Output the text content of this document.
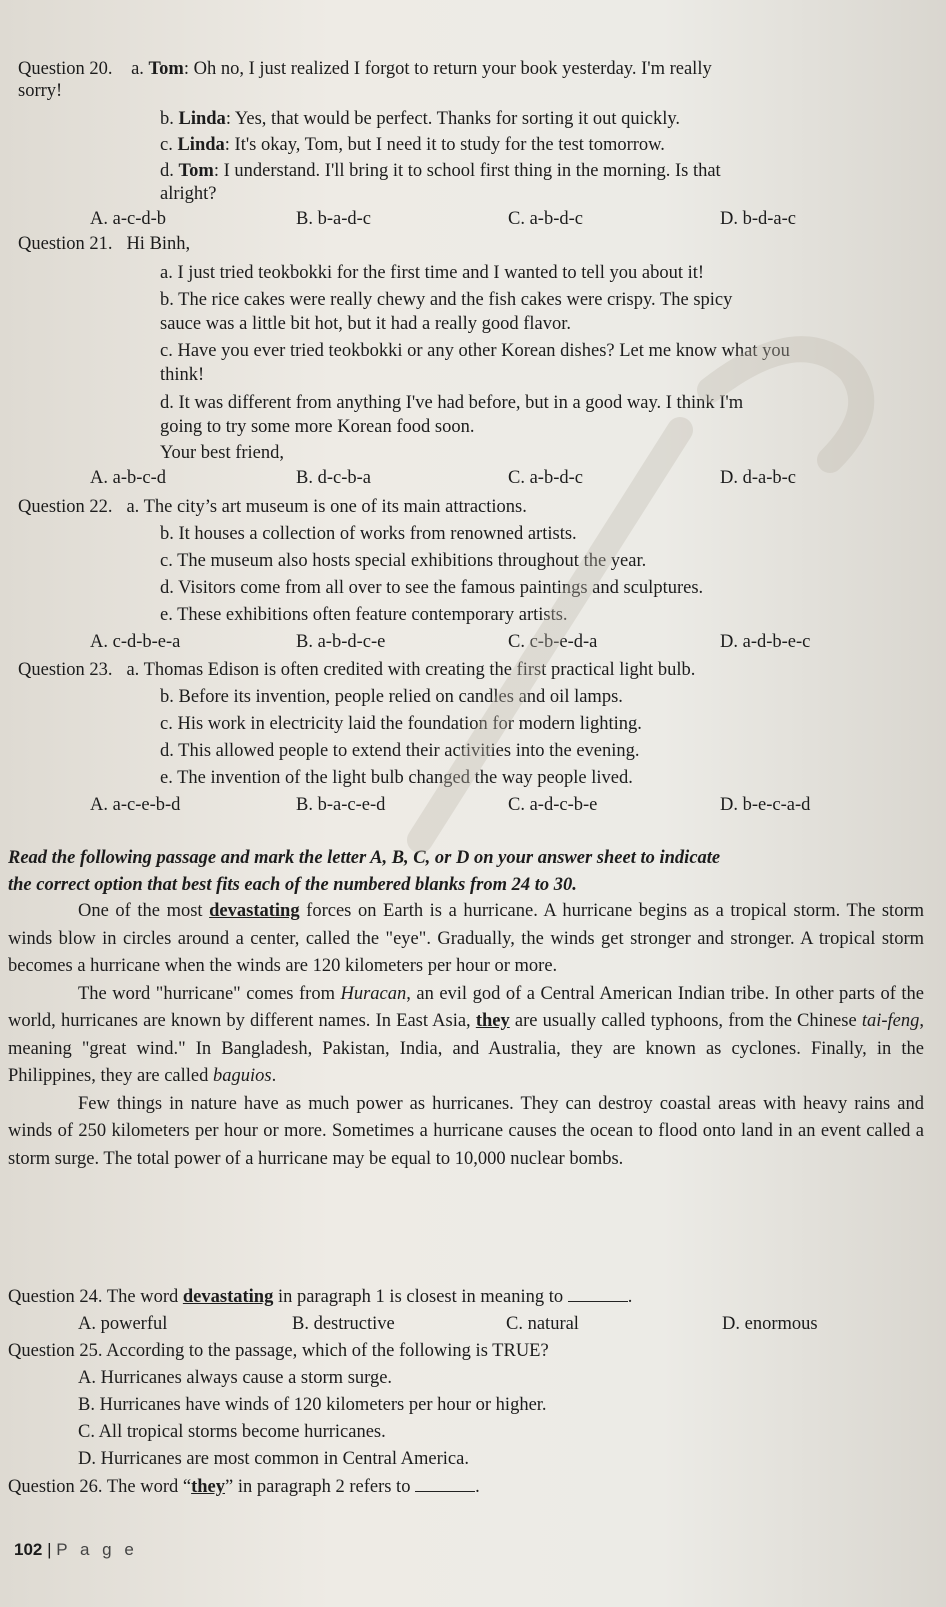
Question 20. a. Tom: Oh no, I just realized I forgot to return your book yesterday. I'm really
sorry!
b. Linda: Yes, that would be perfect. Thanks for sorting it out quickly.
c. Linda: It's okay, Tom, but I need it to study for the test tomorrow.
d. Tom: I understand. I'll bring it to school first thing in the morning. Is that
alright?
A. a-c-d-b	B. b-a-d-c	C. a-b-d-c	D. b-d-a-c
Question 21. Hi Binh,
a. I just tried teokbokki for the first time and I wanted to tell you about it!
b. The rice cakes were really chewy and the fish cakes were crispy. The spicy
sauce was a little bit hot, but it had a really good flavor.
c. Have you ever tried teokbokki or any other Korean dishes? Let me know what you
think!
d. It was different from anything I've had before, but in a good way. I think I'm
going to try some more Korean food soon.
Your best friend,
A. a-b-c-d	B. d-c-b-a	C. a-b-d-c	D. d-a-b-c
Question 22. a. The city’s art museum is one of its main attractions.
b. It houses a collection of works from renowned artists.
c. The museum also hosts special exhibitions throughout the year.
d. Visitors come from all over to see the famous paintings and sculptures.
e. These exhibitions often feature contemporary artists.
A. c-d-b-e-a	B. a-b-d-c-e	C. c-b-e-d-a	D. a-d-b-e-c
Question 23. a. Thomas Edison is often credited with creating the first practical light bulb.
b. Before its invention, people relied on candles and oil lamps.
c. His work in electricity laid the foundation for modern lighting.
d. This allowed people to extend their activities into the evening.
e. The invention of the light bulb changed the way people lived.
A. a-c-e-b-d	B. b-a-c-e-d	C. a-d-c-b-e	D. b-e-c-a-d
Read the following passage and mark the letter A, B, C, or D on your answer sheet to indicate
the correct option that best fits each of the numbered blanks from 24 to 30.

One of the most devastating forces on Earth is a hurricane. A hurricane begins as a tropical storm. The storm winds blow in circles around a center, called the "eye". Gradually, the winds get stronger and stronger. A tropical storm becomes a hurricane when the winds are 120 kilometers per hour or more.

The word "hurricane" comes from Huracan, an evil god of a Central American Indian tribe. In other parts of the world, hurricanes are known by different names. In East Asia, they are usually called typhoons, from the Chinese tai-feng, meaning "great wind." In Bangladesh, Pakistan, India, and Australia, they are known as cyclones. Finally, in the Philippines, they are called baguios.

Few things in nature have as much power as hurricanes. They can destroy coastal areas with heavy rains and winds of 250 kilometers per hour or more. Sometimes a hurricane causes the ocean to flood onto land in an event called a storm surge. The total power of a hurricane may be equal to 10,000 nuclear bombs.

Question 24. The word devastating in paragraph 1 is closest in meaning to	.
A. powerful	B. destructive	C. natural	D. enormous
Question 25. According to the passage, which of the following is TRUE?
A. Hurricanes always cause a storm surge.
B. Hurricanes have winds of 120 kilometers per hour or higher.
C. All tropical storms become hurricanes.
D. Hurricanes are most common in Central America.
Question 26. The word “they” in paragraph 2 refers to	.
102 | P a g e
